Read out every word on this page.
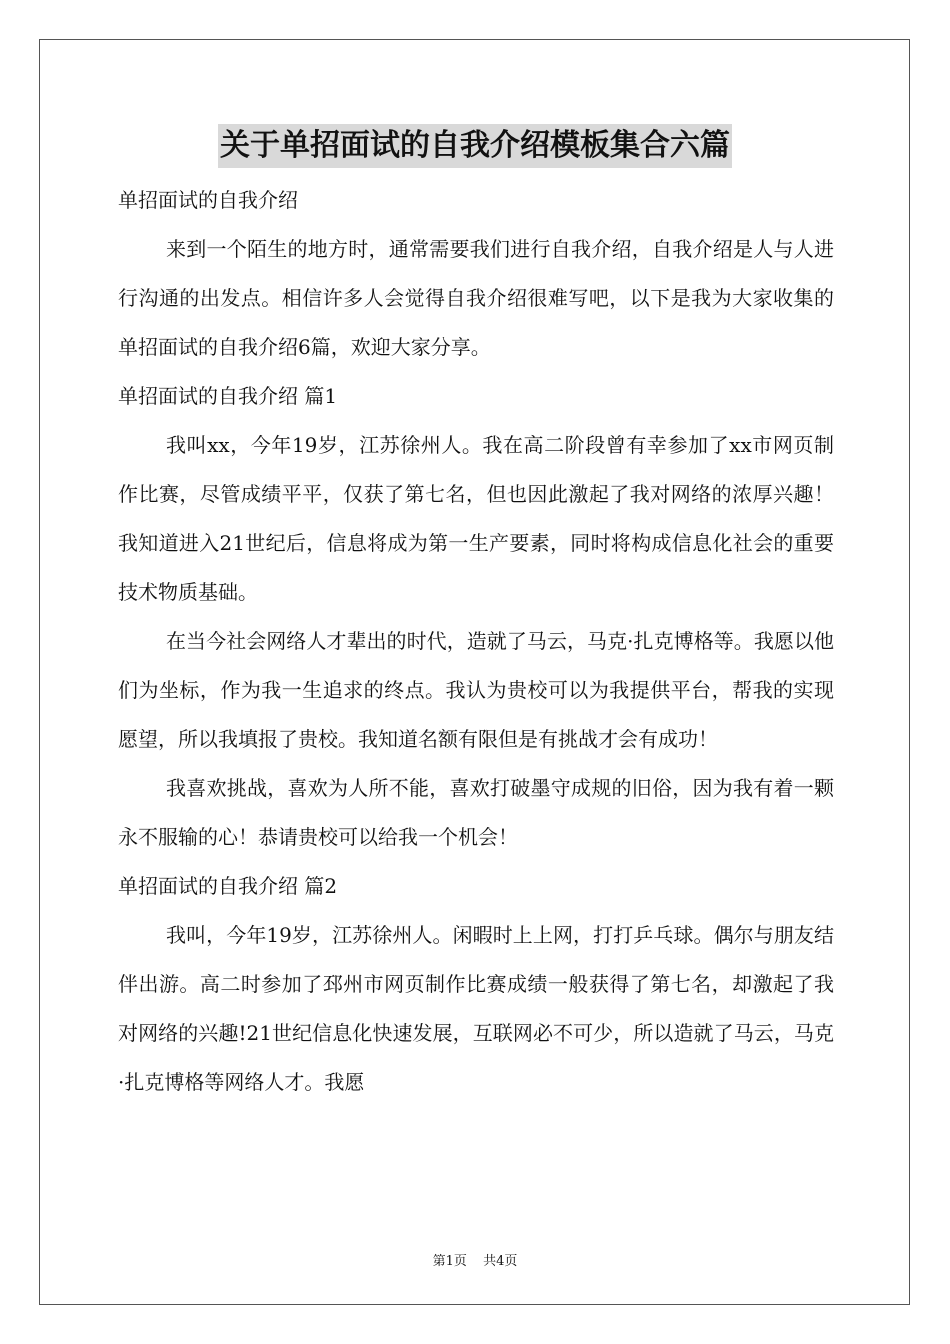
关于单招面试的自我介绍模板集合六篇

单招面试的自我介绍

来到一个陌生的地方时，通常需要我们进行自我介绍，自我介绍是人与人进行沟通的出发点。相信许多人会觉得自我介绍很难写吧，以下是我为大家收集的单招面试的自我介绍6篇，欢迎大家分享。

单招面试的自我介绍 篇1

我叫xx，今年19岁，江苏徐州人。我在高二阶段曾有幸参加了xx市网页制作比赛，尽管成绩平平，仅获了第七名，但也因此激起了我对网络的浓厚兴趣！我知道进入21世纪后，信息将成为第一生产要素，同时将构成信息化社会的重要技术物质基础。

在当今社会网络人才辈出的时代，造就了马云，马克·扎克博格等。我愿以他们为坐标，作为我一生追求的终点。我认为贵校可以为我提供平台，帮我的实现愿望，所以我填报了贵校。我知道名额有限但是有挑战才会有成功！

我喜欢挑战，喜欢为人所不能，喜欢打破墨守成规的旧俗，因为我有着一颗永不服输的心！恭请贵校可以给我一个机会！

单招面试的自我介绍 篇2

我叫，今年19岁，江苏徐州人。闲暇时上上网，打打乒乓球。偶尔与朋友结伴出游。高二时参加了邳州市网页制作比赛成绩一般获得了第七名，却激起了我对网络的兴趣!21世纪信息化快速发展，互联网必不可少，所以造就了马云，马克·扎克博格等网络人才。我愿

第1页 共4页
